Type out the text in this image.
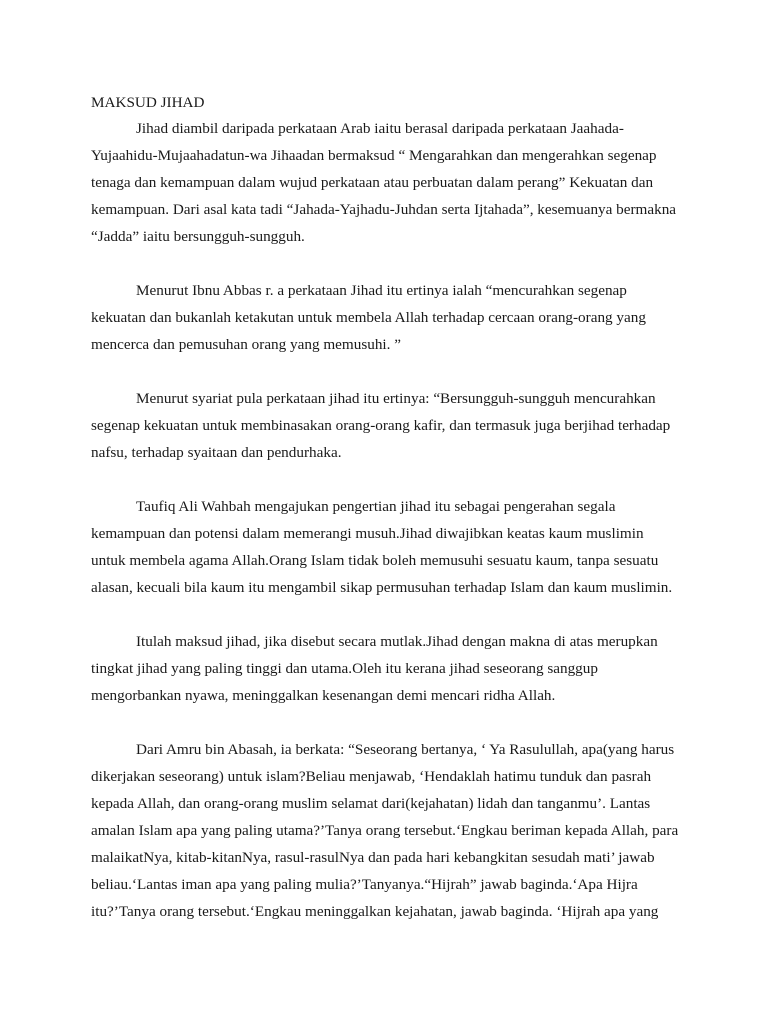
MAKSUD JIHAD

Jihad diambil daripada perkataan Arab iaitu berasal daripada perkataan Jaahada-Yujaahidu-Mujaahadatun-wa Jihaadan bermaksud “ Mengarahkan dan mengerahkan segenap tenaga dan kemampuan dalam wujud perkataan atau perbuatan dalam perang” Kekuatan dan kemampuan. Dari asal kata tadi “Jahada-Yajhadu-Juhdan serta Ijtahada”, kesemuanya bermakna “Jadda” iaitu bersungguh-sungguh.

Menurut Ibnu Abbas r. a perkataan Jihad itu ertinya ialah “mencurahkan segenap kekuatan dan bukanlah ketakutan untuk membela Allah terhadap cercaan orang-orang yang mencerca dan pemusuhan orang yang memusuhi. ”

Menurut syariat pula perkataan jihad itu ertinya: “Bersungguh-sungguh mencurahkan segenap kekuatan untuk membinasakan orang-orang kafir, dan termasuk juga berjihad terhadap nafsu, terhadap syaitaan dan pendurhaka.

Taufiq Ali Wahbah mengajukan pengertian jihad itu sebagai pengerahan segala kemampuan dan potensi dalam memerangi musuh.Jihad diwajibkan keatas kaum muslimin untuk membela agama Allah.Orang Islam tidak boleh memusuhi sesuatu kaum, tanpa sesuatu alasan, kecuali bila kaum itu mengambil sikap permusuhan terhadap Islam dan kaum muslimin.

Itulah maksud jihad, jika disebut secara mutlak.Jihad dengan makna di atas merupkan tingkat jihad yang paling tinggi dan utama.Oleh itu kerana jihad seseorang sanggup mengorbankan nyawa, meninggalkan kesenangan demi mencari ridha Allah.

Dari Amru bin Abasah, ia berkata: “Seseorang bertanya, ‘ Ya Rasulullah, apa(yang harus dikerjakan seseorang) untuk islam?Beliau menjawab, ‘Hendaklah hatimu tunduk dan pasrah kepada Allah, dan orang-orang muslim selamat dari(kejahatan) lidah dan tanganmu’. Lantas amalan Islam apa yang paling utama?’Tanya orang tersebut.‘Engkau beriman kepada Allah, para malaikatNya, kitab-kitanNya, rasul-rasulNya dan pada hari kebangkitan sesudah mati’ jawab beliau.‘Lantas iman apa yang paling mulia?’Tanyanya.“Hijrah” jawab baginda.‘Apa Hijra itu?’Tanya orang tersebut.‘Engkau meninggalkan kejahatan, jawab baginda. ‘Hijrah apa yang
